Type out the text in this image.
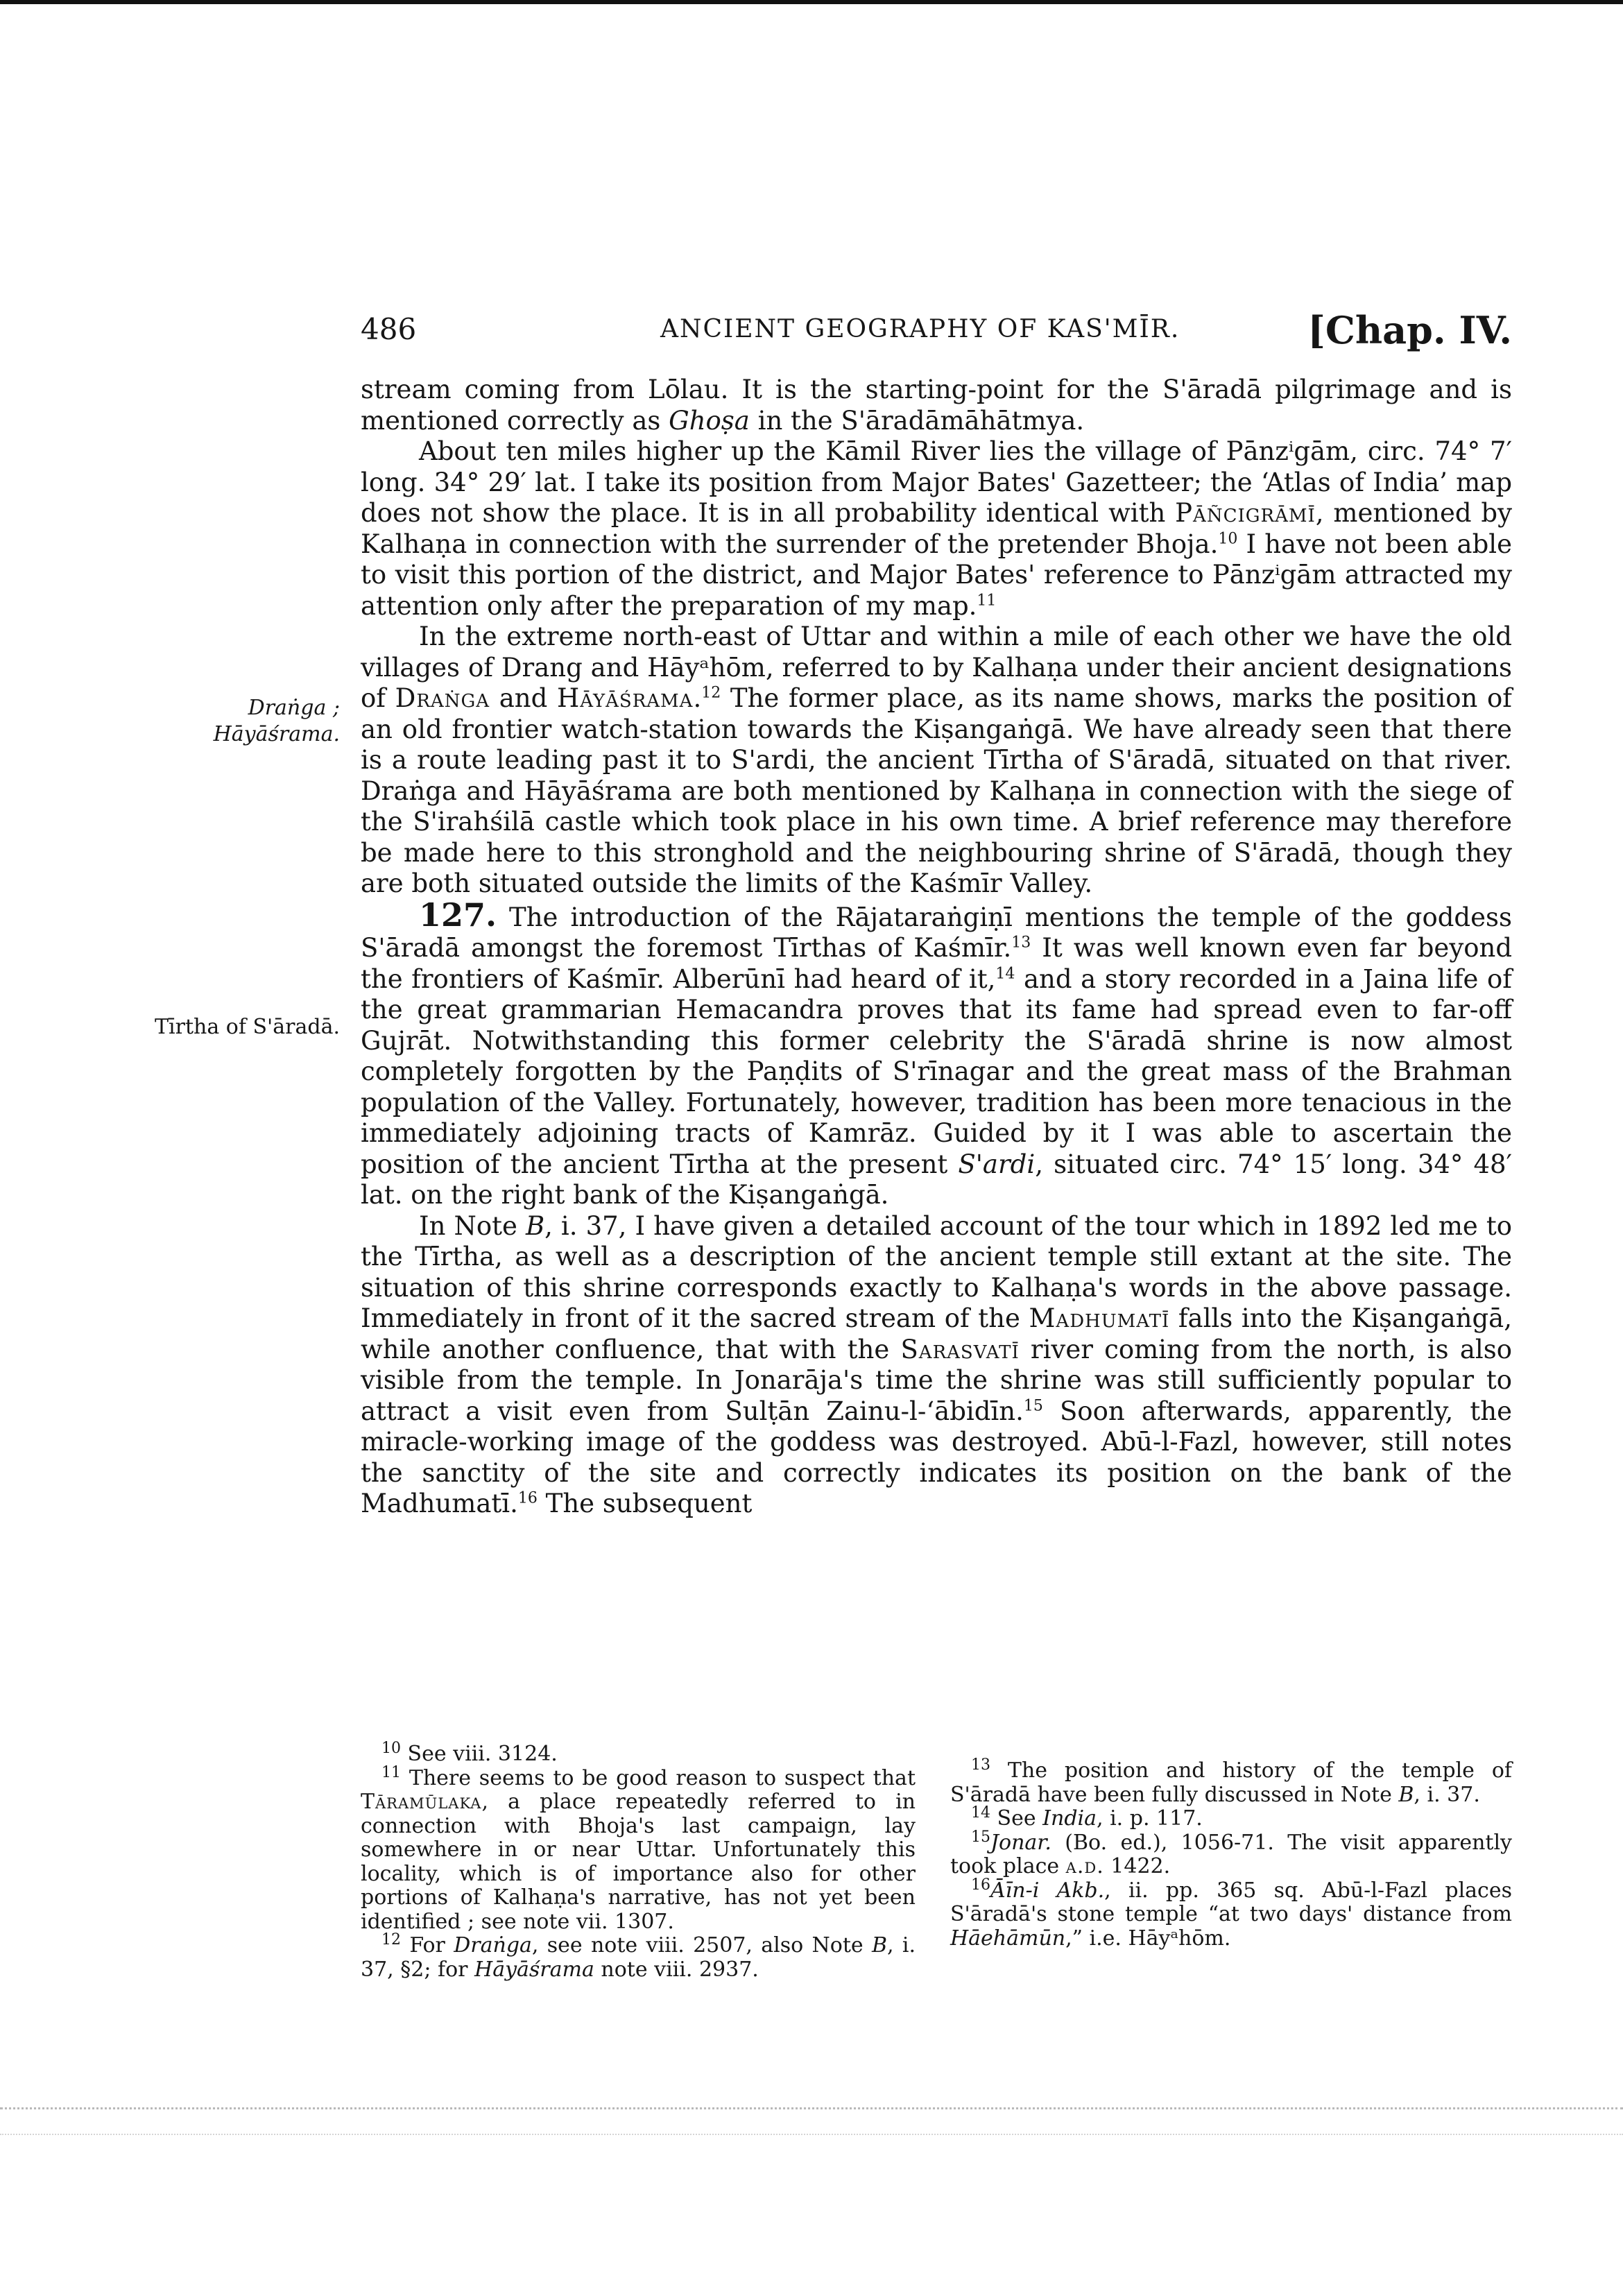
486	ANCIENT GEOGRAPHY OF KAS'MĪR.	[Chap. IV.
Draṅga ;
Hāyāśrama.
Tīrtha of S'āradā.

stream coming from Lōlau. It is the starting-point for the S'āradā pilgrimage and is mentioned correctly as Ghoṣa in the S'āradāmāhātmya.

About ten miles higher up the Kāmil River lies the village of Pānzⁱgām, circ. 74° 7′ long. 34° 29′ lat. I take its position from Major Bates' Gazetteer; the ‘Atlas of India’ map does not show the place. It is in all probability identical with Pāñcigrāmī, mentioned by Kalhaṇa in connection with the surrender of the pretender Bhoja.$^{10}$ I have not been able to visit this portion of the district, and Major Bates' reference to Pānzⁱgām attracted my attention only after the preparation of my map.$^{11}$

In the extreme north-east of Uttar and within a mile of each other we have the old villages of Drang and Hāyᵃhōm, referred to by Kalhaṇa under their ancient designations of Draṅga and Hāyāśrama.$^{12}$ The former place, as its name shows, marks the position of an old frontier watch-station towards the Kiṣangaṅgā. We have already seen that there is a route leading past it to S'ardi, the ancient Tīrtha of S'āradā, situated on that river. Draṅga and Hāyāśrama are both mentioned by Kalhaṇa in connection with the siege of the S'irahśilā castle which took place in his own time. A brief reference may therefore be made here to this stronghold and the neighbouring shrine of S'āradā, though they are both situated outside the limits of the Kaśmīr Valley.

127. The introduction of the Rājataraṅgiṇī mentions the temple of the goddess S'āradā amongst the foremost Tīrthas of Kaśmīr.$^{13}$ It was well known even far beyond the frontiers of Kaśmīr. Alberūnī had heard of it,$^{14}$ and a story recorded in a Jaina life of the great grammarian Hemacandra proves that its fame had spread even to far-off Gujrāt. Notwithstanding this former celebrity the S'āradā shrine is now almost completely forgotten by the Paṇḍits of S'rīnagar and the great mass of the Brahman population of the Valley. Fortunately, however, tradition has been more tenacious in the immediately adjoining tracts of Kamrāz. Guided by it I was able to ascertain the position of the ancient Tīrtha at the present S'ardi, situated circ. 74° 15′ long. 34° 48′ lat. on the right bank of the Kiṣangaṅgā.

In Note B, i. 37, I have given a detailed account of the tour which in 1892 led me to the Tīrtha, as well as a description of the ancient temple still extant at the site. The situation of this shrine corresponds exactly to Kalhaṇa's words in the above passage. Immediately in front of it the sacred stream of the Madhumatī falls into the Kiṣangaṅgā, while another confluence, that with the Sarasvatī river coming from the north, is also visible from the temple. In Jonarāja's time the shrine was still sufficiently popular to attract a visit even from Sulṭān Zainu-l-‘ābidīn.$^{15}$ Soon afterwards, apparently, the miracle-working image of the goddess was destroyed. Abū-l-Fazl, however, still notes the sanctity of the site and correctly indicates its position on the bank of the Madhumatī.$^{16}$ The subsequent

$^{10}$ See viii. 3124.

$^{11}$ There seems to be good reason to suspect that Tāramūlaka, a place repeatedly referred to in connection with Bhoja's last campaign, lay somewhere in or near Uttar. Unfortunately this locality, which is of importance also for other portions of Kalhaṇa's narrative, has not yet been identified ; see note vii. 1307.

$^{12}$ For Draṅga, see note viii. 2507, also Note B, i. 37, §2; for Hāyāśrama note viii. 2937.

$^{13}$ The position and history of the temple of S'āradā have been fully discussed in Note B, i. 37.

$^{14}$ See India, i. p. 117.

$^{15}$Jonar. (Bo. ed.), 1056-71. The visit apparently took place a.d. 1422.

$^{16}$Āīn-i Akb., ii. pp. 365 sq. Abū-l-Fazl places S'āradā's stone temple “at two days' distance from Hāehāmūn,” i.e. Hāyᵃhōm.
